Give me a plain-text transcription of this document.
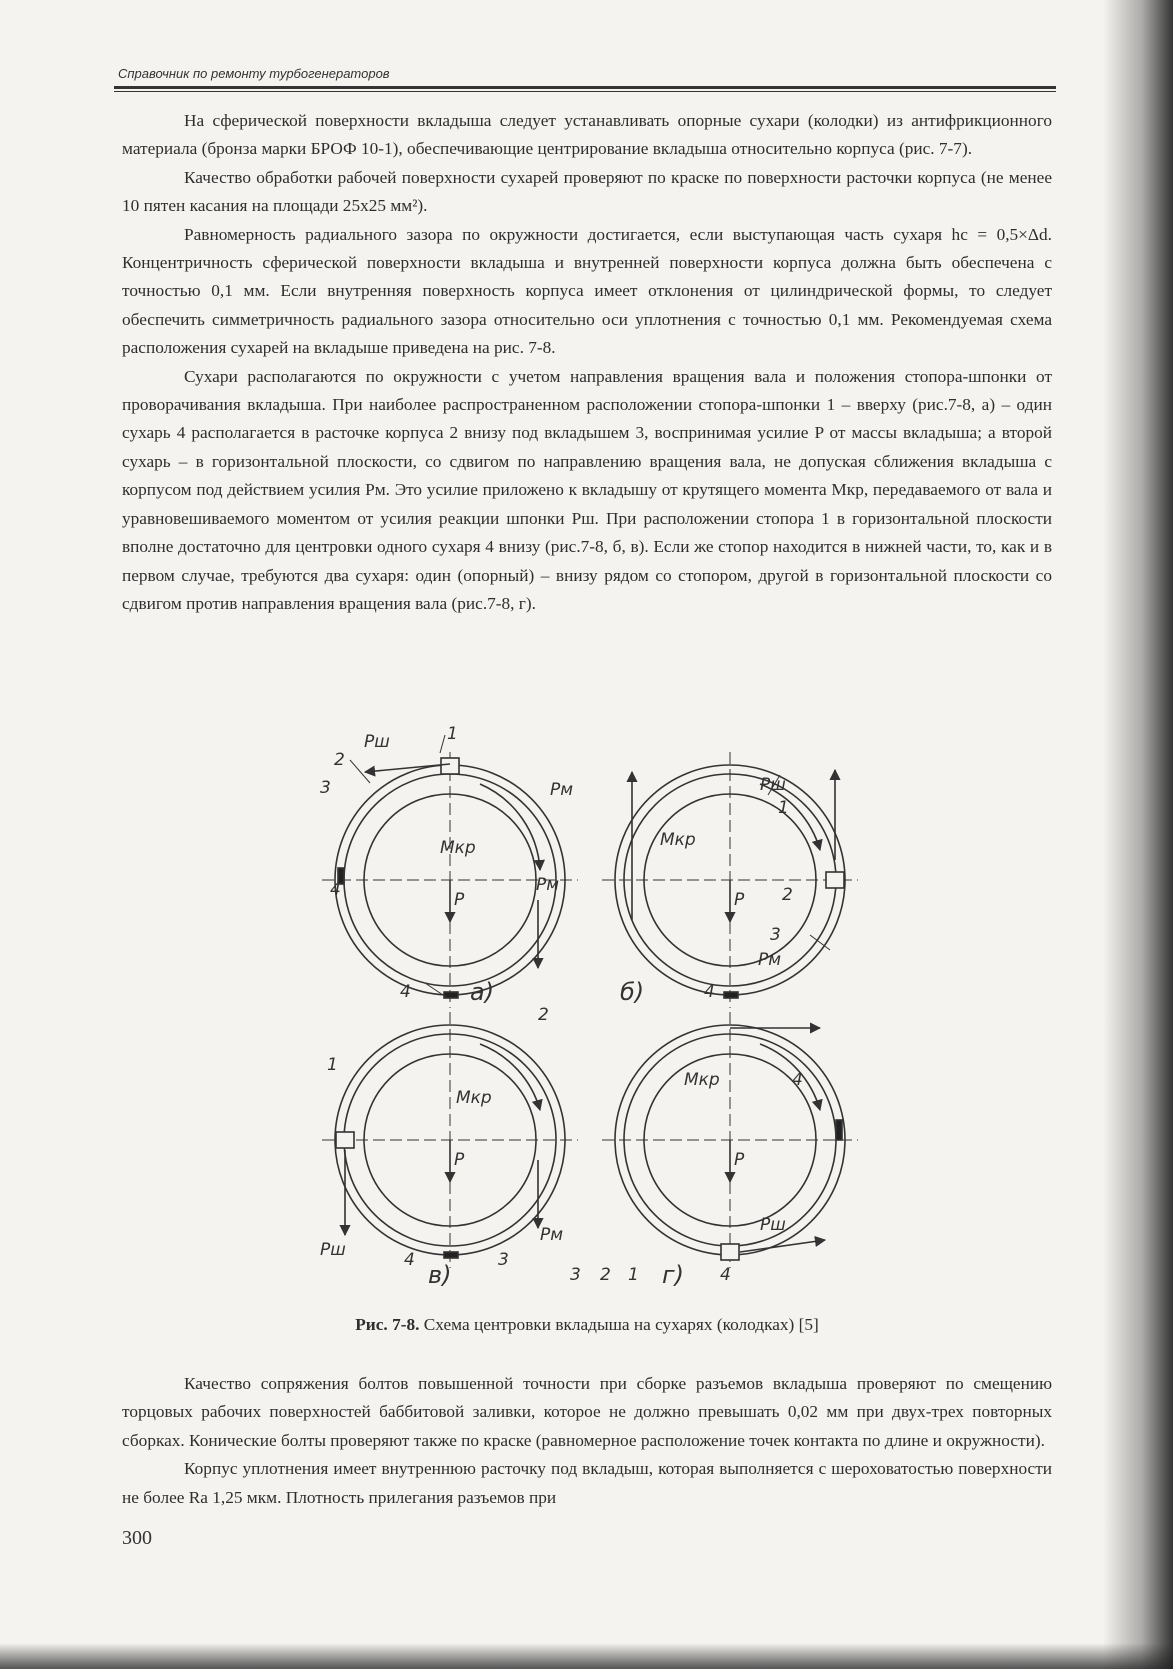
Справочник по ремонту турбогенераторов

На сферической поверхности вкладыша следует устанавливать опорные сухари (колодки) из антифрикционного материала (бронза марки БРОФ 10-1), обеспечивающие центрирование вкладыша относительно корпуса (рис. 7-7).

Качество обработки рабочей поверхности сухарей проверяют по краске по поверхности расточки корпуса (не менее 10 пятен касания на площади 25х25 мм²).

Равномерность радиального зазора по окружности достигается, если выступающая часть сухаря hс = 0,5×Δd. Концентричность сферической поверхности вкладыша и внутренней поверхности корпуса должна быть обеспечена с точностью 0,1 мм. Если внутренняя поверхность корпуса имеет отклонения от цилиндрической формы, то следует обеспечить симметричность радиального зазора относительно оси уплотнения с точностью 0,1 мм. Рекомендуемая схема расположения сухарей на вкладыше приведена на рис. 7-8.

Сухари располагаются по окружности с учетом направления вращения вала и положения стопора-шпонки от проворачивания вкладыша. При наиболее распространенном расположении стопора-шпонки 1 – вверху (рис.7-8, а) – один сухарь 4 располагается в расточке корпуса 2 внизу под вкладышем 3, воспринимая усилие P от массы вкладыша; а второй сухарь – в горизонтальной плоскости, со сдвигом по направлению вращения вала, не допуская сближения вкладыша с корпусом под действием усилия Pм. Это усилие приложено к вкладышу от крутящего момента Mкр, передаваемого от вала и уравновешиваемого моментом от усилия реакции шпонки Pш. При расположении стопора 1 в горизонтальной плоскости вполне достаточно для центровки одного сухаря 4 внизу (рис.7-8, б, в). Если же стопор находится в нижней части, то, как и в первом случае, требуются два сухаря: один (опорный) – внизу рядом со стопором, другой в горизонтальной плоскости со сдвигом против направления вращения вала (рис.7-8, г).

Pш	1
2
3
4
Mкр
P
Pм
4 a)
Pм	Pш
1
Mкр
P 2
3
б)	4
2
1
Mкр
P
Pш
Pм
4	3
в)
Pм
Mкр	4
P
Pш
3 2 1	4
г)
Рис. 7-8. Схема центровки вкладыша на сухарях (колодках) [5]

Качество сопряжения болтов повышенной точности при сборке разъемов вкладыша проверяют по смещению торцовых рабочих поверхностей баббитовой заливки, которое не должно превышать 0,02 мм при двух-трех повторных сборках. Конические болты проверяют также по краске (равномерное расположение точек контакта по длине и окружности).

Корпус уплотнения имеет внутреннюю расточку под вкладыш, которая выполняется с шероховатостью поверхности не более Ra 1,25 мкм. Плотность прилегания разъемов при

300
